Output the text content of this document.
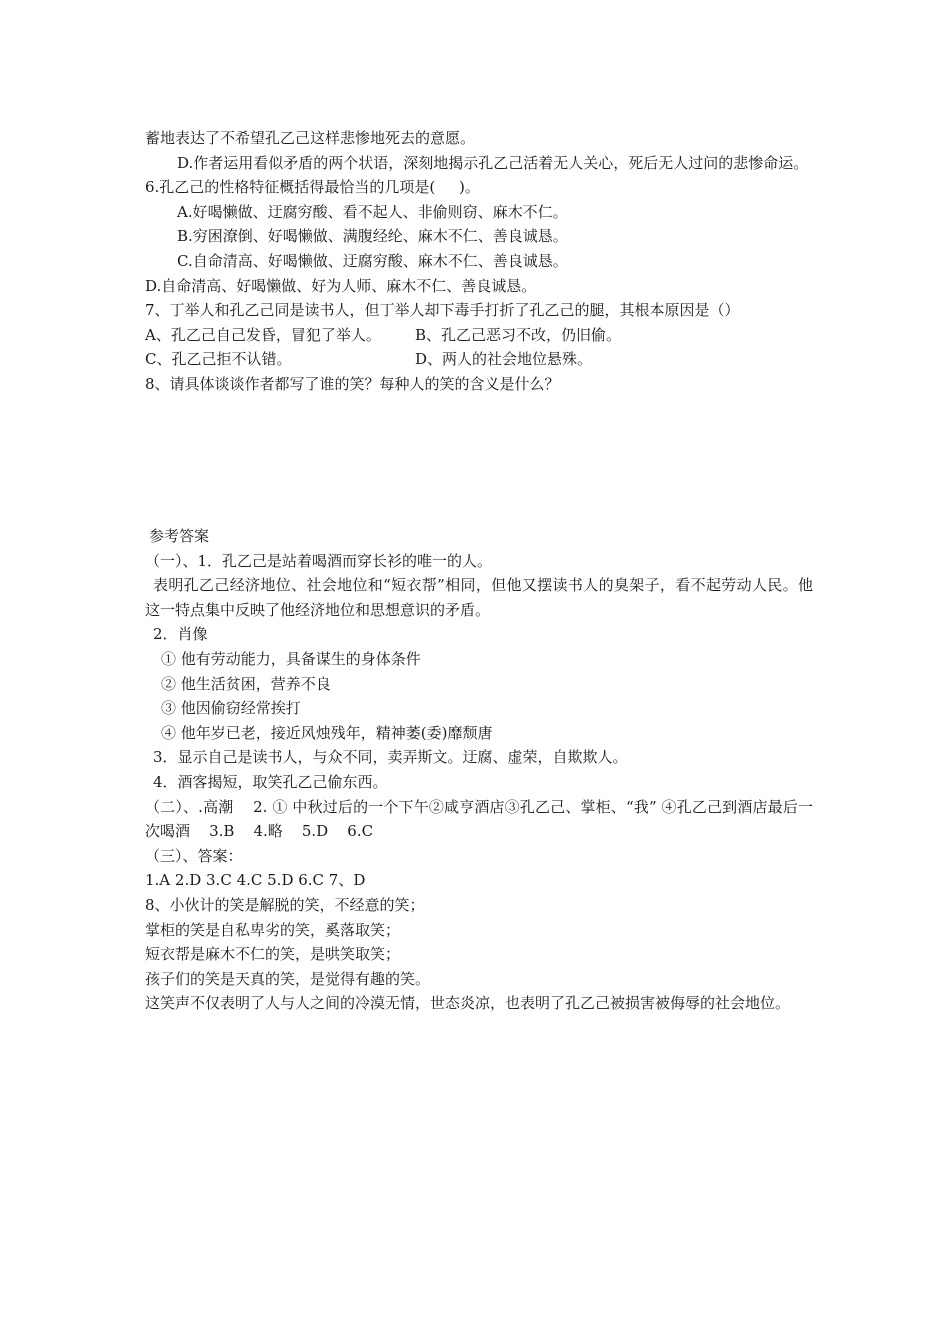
蓄地表达了不希望孔乙己这样悲惨地死去的意愿。
D.作者运用看似矛盾的两个状语，深刻地揭示孔乙己活着无人关心，死后无人过问的悲惨命运。
6.孔乙己的性格特征概括得最恰当的几项是(     )。
A.好喝懒做、迂腐穷酸、看不起人、非偷则窃、麻木不仁。
B.穷困潦倒、好喝懒做、满腹经纶、麻木不仁、善良诚恳。
C.自命清高、好喝懒做、迂腐穷酸、麻木不仁、善良诚恳。
D.自命清高、好喝懒做、好为人师、麻木不仁、善良诚恳。
7、丁举人和孔乙己同是读书人，但丁举人却下毒手打折了孔乙己的腿，其根本原因是（）
A、孔乙己自己发昏，冒犯了举人。	B、孔乙己恶习不改，仍旧偷。
C、孔乙己拒不认错。	D、两人的社会地位悬殊。
8、请具体谈谈作者都写了谁的笑？每种人的笑的含义是什么？
参考答案
（一）、1．孔乙己是站着喝酒而穿长衫的唯一的人。
表明孔乙己经济地位、社会地位和“短衣帮”相同，但他又摆读书人的臭架子，看不起劳动人民。他这一特点集中反映了他经济地位和思想意识的矛盾。
2．肖像
① 他有劳动能力，具备谋生的身体条件
② 他生活贫困，营养不良
③ 他因偷窃经常挨打
④ 他年岁已老，接近风烛残年，精神萎(委)靡颓唐
3．显示自己是读书人，与众不同，卖弄斯文。迂腐、虚荣，自欺欺人。
4．酒客揭短，取笑孔乙己偷东西。
（二）、.高潮    2. ① 中秋过后的一个下午②咸亨酒店③孔乙己、掌柜、“我” ④孔乙己到酒店最后一次喝酒    3.B    4.略    5.D    6.C
（三）、答案：
1.A 2.D 3.C 4.C 5.D 6.C 7、D
8、小伙计的笑是解脱的笑，不经意的笑；
掌柜的笑是自私卑劣的笑，奚落取笑；
短衣帮是麻木不仁的笑，是哄笑取笑；
孩子们的笑是天真的笑，是觉得有趣的笑。
这笑声不仅表明了人与人之间的冷漠无情，世态炎凉，也表明了孔乙己被损害被侮辱的社会地位。
